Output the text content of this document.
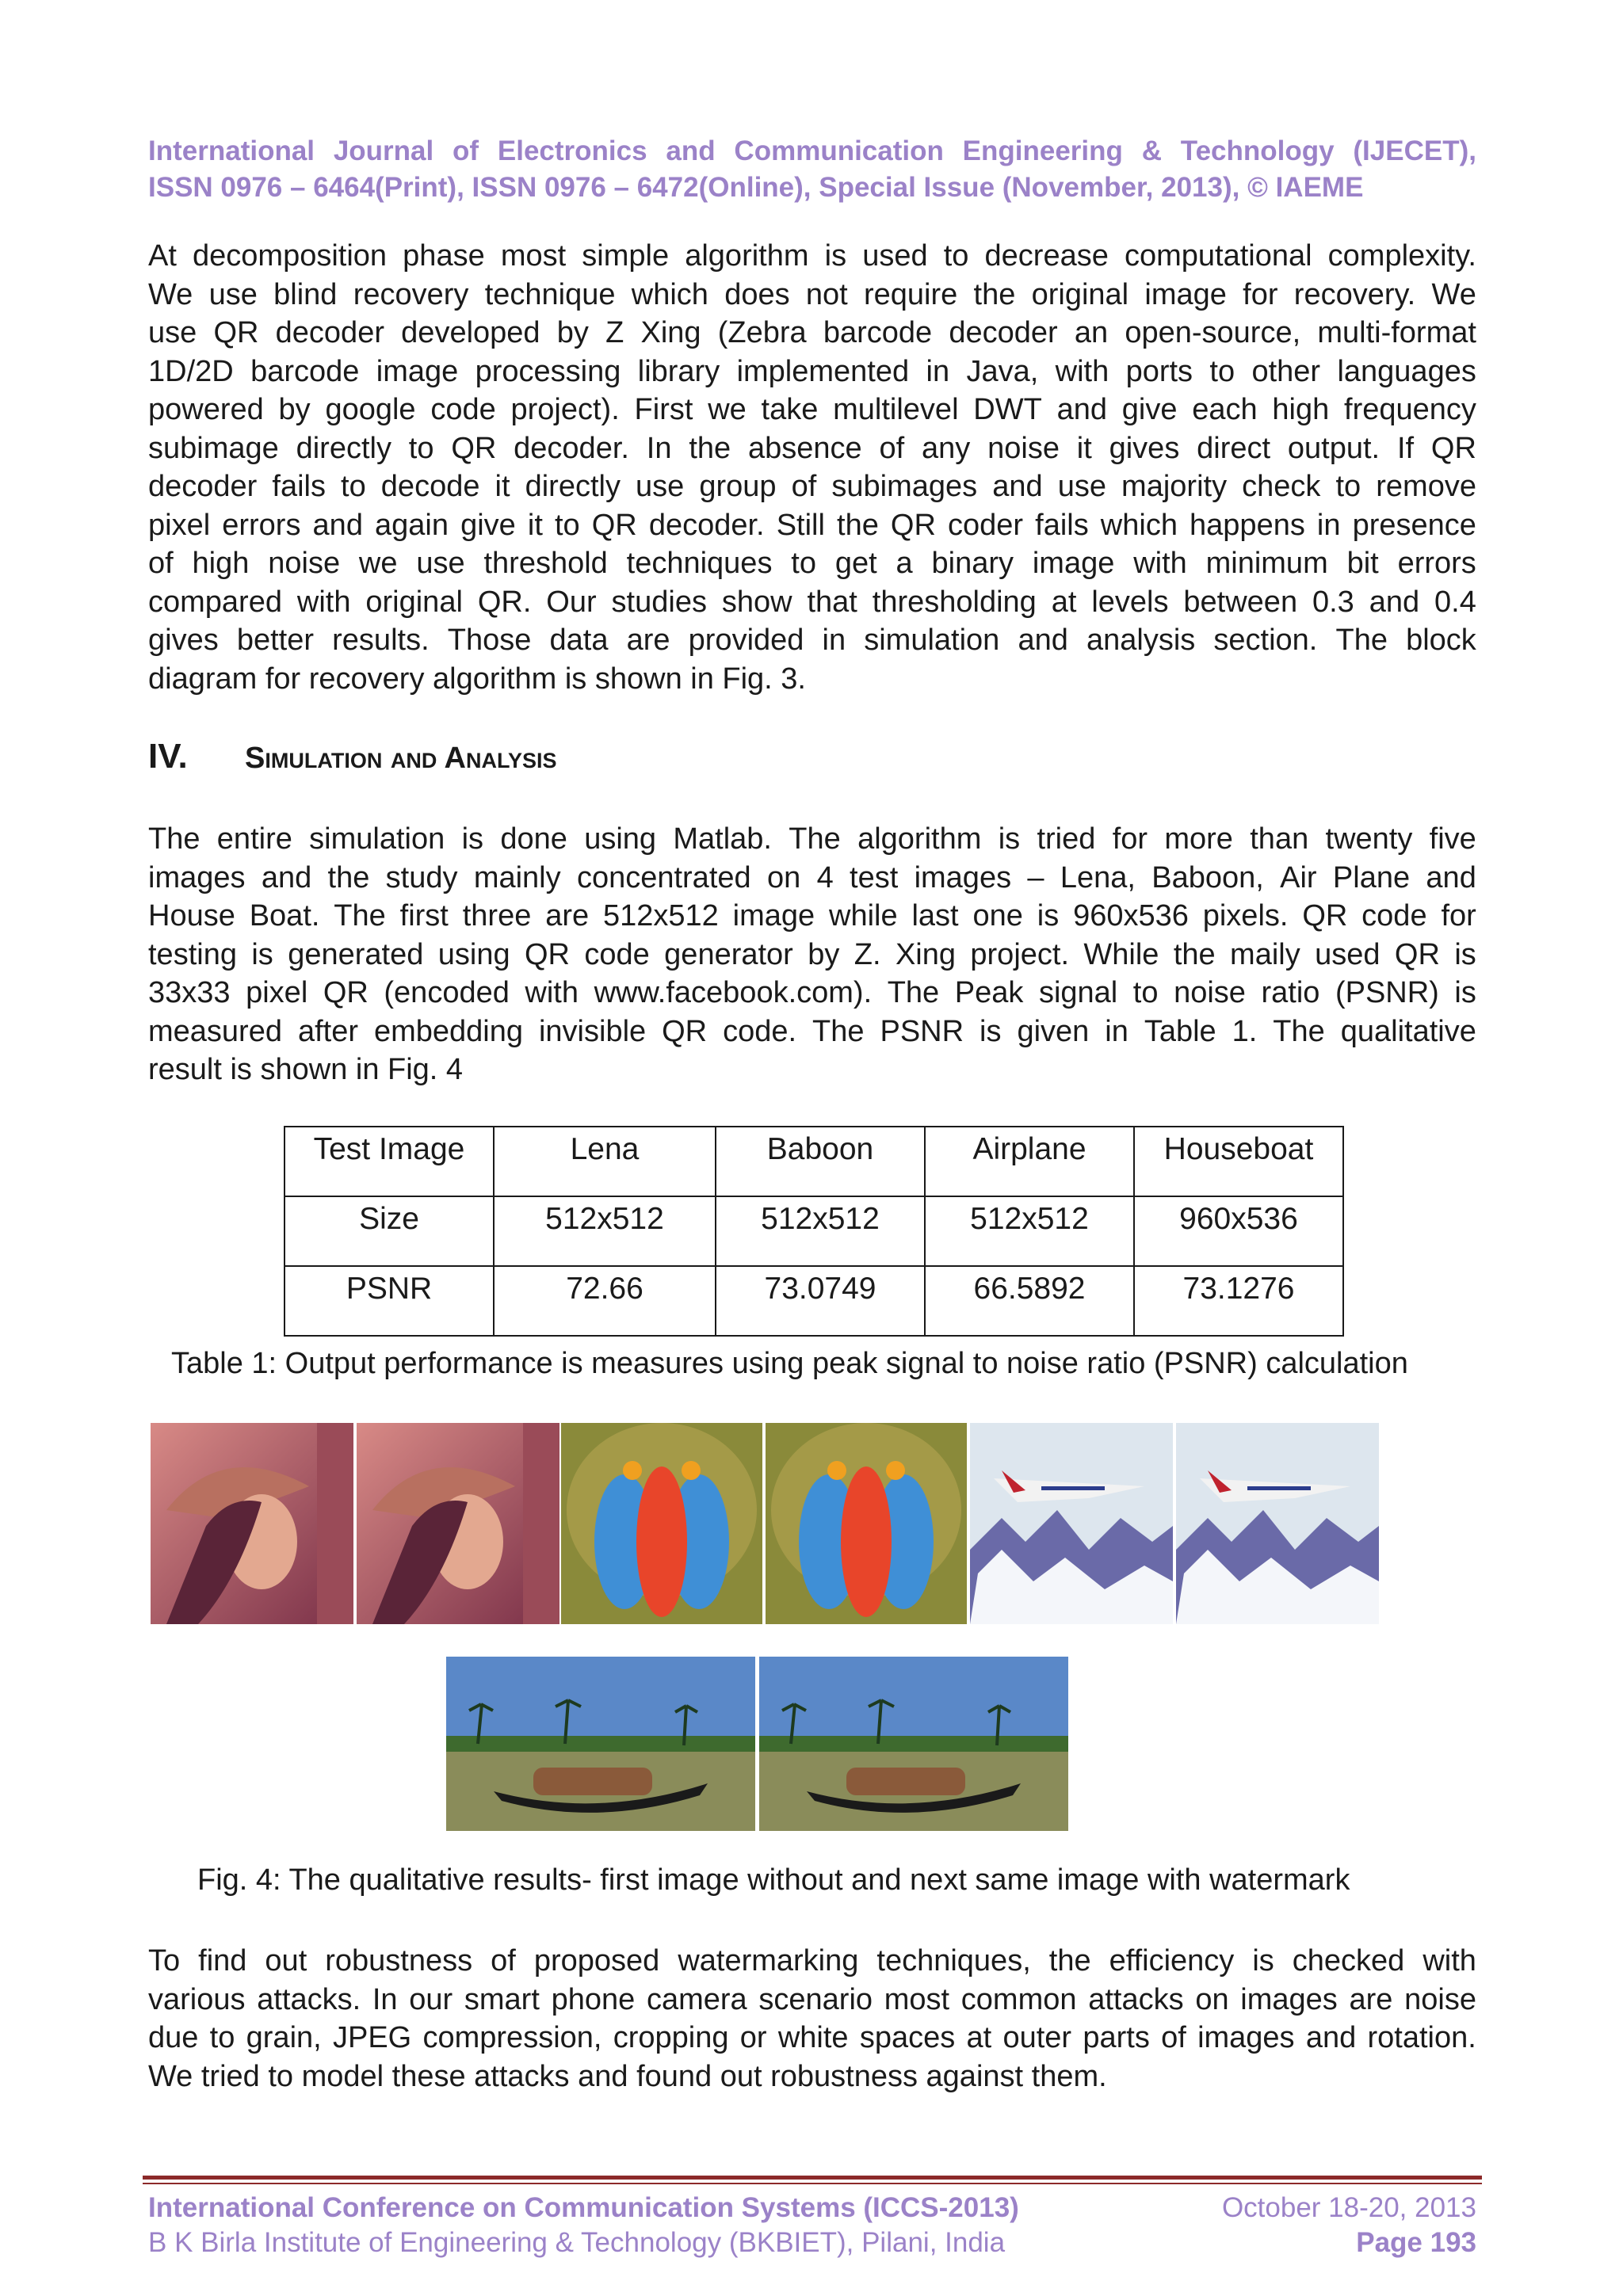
International Journal of Electronics and Communication Engineering & Technology (IJECET),
ISSN 0976 – 6464(Print), ISSN 0976 – 6472(Online), Special Issue (November, 2013), © IAEME
At decomposition phase most simple algorithm is used to decrease computational complexity.
We use blind recovery technique which does not require the original image for recovery. We
use QR decoder developed by Z Xing (Zebra barcode decoder an open-source, multi-format
1D/2D barcode image processing library implemented in Java, with ports to other languages
powered by google code project). First we take multilevel DWT and give each high frequency
subimage directly to QR decoder. In the absence of any noise it gives direct output. If QR
decoder fails to decode it directly use group of subimages and use majority check to remove
pixel errors and again give it to QR decoder. Still the QR coder fails which happens in presence
of high noise we use threshold techniques to get a binary image with minimum bit errors
compared with original QR. Our studies show that thresholding at levels between 0.3 and 0.4
gives better results. Those data are provided in simulation and analysis section. The block
diagram for recovery algorithm is shown in Fig. 3.
IV.	Simulation and Analysis
The entire simulation is done using Matlab. The algorithm is tried for more than twenty five
images and the study mainly concentrated on 4 test images – Lena, Baboon, Air Plane and
House Boat. The first three are 512x512 image while last one is 960x536 pixels. QR code for
testing is generated using QR code generator by Z. Xing project. While the maily used QR is
33x33 pixel QR (encoded with www.facebook.com). The Peak signal to noise ratio (PSNR) is
measured after embedding invisible QR code. The PSNR is given in Table 1. The qualitative
result is shown in Fig. 4
Test Image	Lena	Baboon	Airplane	Houseboat
Size	512x512	512x512	512x512	960x536
PSNR	72.66	73.0749	66.5892	73.1276
Table 1: Output performance is measures using peak signal to noise ratio (PSNR) calculation
Fig. 4: The qualitative results- first image without and next same image with watermark
To find out robustness of proposed watermarking techniques, the efficiency is checked with
various attacks. In our smart phone camera scenario most common attacks on images are noise
due to grain, JPEG compression, cropping or white spaces at outer parts of images and rotation.
We tried to model these attacks and found out robustness against them.
International Conference on Communication Systems (ICCS-2013)	October 18-20, 2013
B K Birla Institute of Engineering & Technology (BKBIET), Pilani, India	Page 193
